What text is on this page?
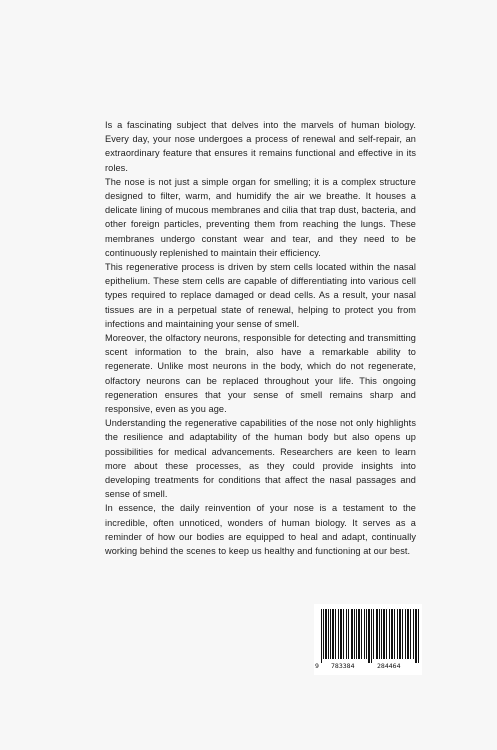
Is a fascinating subject that delves into the marvels of human biology. Every day, your nose undergoes a process of renewal and self-repair, an extraordinary feature that ensures it remains functional and effective in its roles.

The nose is not just a simple organ for smelling; it is a complex structure designed to filter, warm, and humidify the air we breathe. It houses a delicate lining of mucous membranes and cilia that trap dust, bacteria, and other foreign particles, preventing them from reaching the lungs. These membranes undergo constant wear and tear, and they need to be continuously replenished to maintain their efficiency.

This regenerative process is driven by stem cells located within the nasal epithelium. These stem cells are capable of differentiating into various cell types required to replace damaged or dead cells. As a result, your nasal tissues are in a perpetual state of renewal, helping to protect you from infections and maintaining your sense of smell.

Moreover, the olfactory neurons, responsible for detecting and transmitting scent information to the brain, also have a remarkable ability to regenerate. Unlike most neurons in the body, which do not regenerate, olfactory neurons can be replaced throughout your life. This ongoing regeneration ensures that your sense of smell remains sharp and responsive, even as you age.

Understanding the regenerative capabilities of the nose not only highlights the resilience and adaptability of the human body but also opens up possibilities for medical advancements. Researchers are keen to learn more about these processes, as they could provide insights into developing treatments for conditions that affect the nasal passages and sense of smell.

In essence, the daily reinvention of your nose is a testament to the incredible, often unnoticed, wonders of human biology. It serves as a reminder of how our bodies are equipped to heal and adapt, continually working behind the scenes to keep us healthy and functioning at our best.

9 783384	284464
